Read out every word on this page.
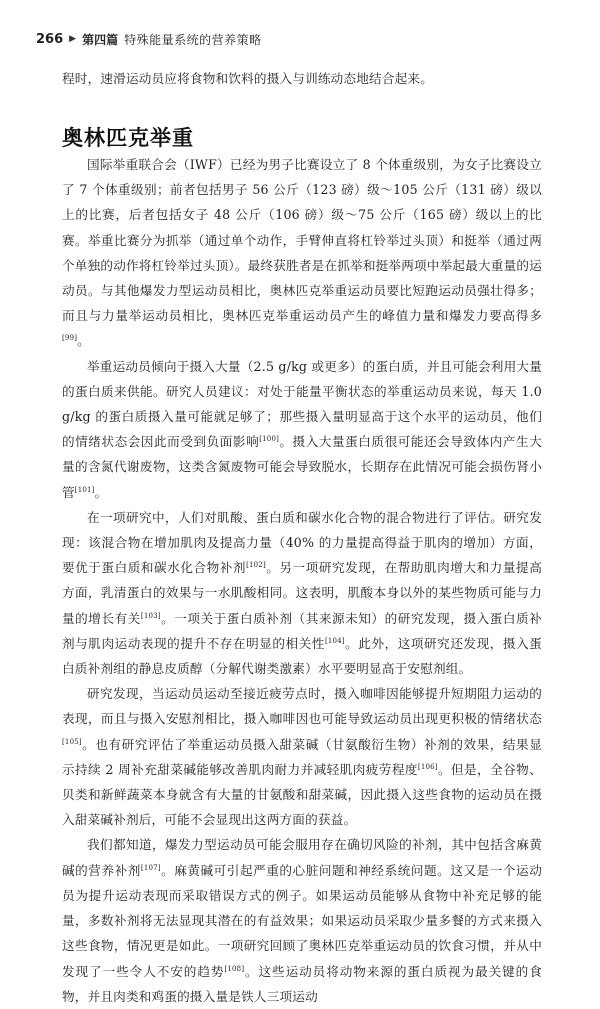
266 ▶ 第四篇 特殊能量系统的营养策略

程时，速滑运动员应将食物和饮料的摄入与训练动态地结合起来。

奥林匹克举重

国际举重联合会（IWF）已经为男子比赛设立了 8 个体重级别，为女子比赛设立了 7 个体重级别；前者包括男子 56 公斤（123 磅）级～105 公斤（131 磅）级以上的比赛，后者包括女子 48 公斤（106 磅）级～75 公斤（165 磅）级以上的比赛。举重比赛分为抓举（通过单个动作，手臂伸直将杠铃举过头顶）和挺举（通过两个单独的动作将杠铃举过头顶）。最终获胜者是在抓举和挺举两项中举起最大重量的运动员。与其他爆发力型运动员相比，奥林匹克举重运动员要比短跑运动员强壮得多；而且与力量举运动员相比，奥林匹克举重运动员产生的峰值力量和爆发力要高得多[99]。

举重运动员倾向于摄入大量（2.5 g/kg 或更多）的蛋白质，并且可能会利用大量的蛋白质来供能。研究人员建议：对处于能量平衡状态的举重运动员来说，每天 1.0 g/kg 的蛋白质摄入量可能就足够了；那些摄入量明显高于这个水平的运动员，他们的情绪状态会因此而受到负面影响[100]。摄入大量蛋白质很可能还会导致体内产生大量的含氮代谢废物，这类含氮废物可能会导致脱水，长期存在此情况可能会损伤肾小管[101]。

在一项研究中，人们对肌酸、蛋白质和碳水化合物的混合物进行了评估。研究发现：该混合物在增加肌肉及提高力量（40% 的力量提高得益于肌肉的增加）方面，要优于蛋白质和碳水化合物补剂[102]。另一项研究发现，在帮助肌肉增大和力量提高方面，乳清蛋白的效果与一水肌酸相同。这表明，肌酸本身以外的某些物质可能与力量的增长有关[103]。一项关于蛋白质补剂（其来源未知）的研究发现，摄入蛋白质补剂与肌肉运动表现的提升不存在明显的相关性[104]。此外，这项研究还发现，摄入蛋白质补剂组的静息皮质醇（分解代谢类激素）水平要明显高于安慰剂组。

研究发现，当运动员运动至接近疲劳点时，摄入咖啡因能够提升短期阻力运动的表现，而且与摄入安慰剂相比，摄入咖啡因也可能导致运动员出现更积极的情绪状态[105]。也有研究评估了举重运动员摄入甜菜碱（甘氨酸衍生物）补剂的效果，结果显示持续 2 周补充甜菜碱能够改善肌肉耐力并减轻肌肉疲劳程度[106]。但是，全谷物、贝类和新鲜蔬菜本身就含有大量的甘氨酸和甜菜碱，因此摄入这些食物的运动员在摄入甜菜碱补剂后，可能不会显现出这两方面的获益。

我们都知道，爆发力型运动员可能会服用存在确切风险的补剂，其中包括含麻黄碱的营养补剂[107]。麻黄碱可引起严重的心脏问题和神经系统问题。这又是一个运动员为提升运动表现而采取错误方式的例子。如果运动员能够从食物中补充足够的能量，多数补剂将无法显现其潜在的有益效果；如果运动员采取少量多餐的方式来摄入这些食物，情况更是如此。一项研究回顾了奥林匹克举重运动员的饮食习惯，并从中发现了一些令人不安的趋势[108]。这些运动员将动物来源的蛋白质视为最关键的食物，并且肉类和鸡蛋的摄入量是铁人三项运动
